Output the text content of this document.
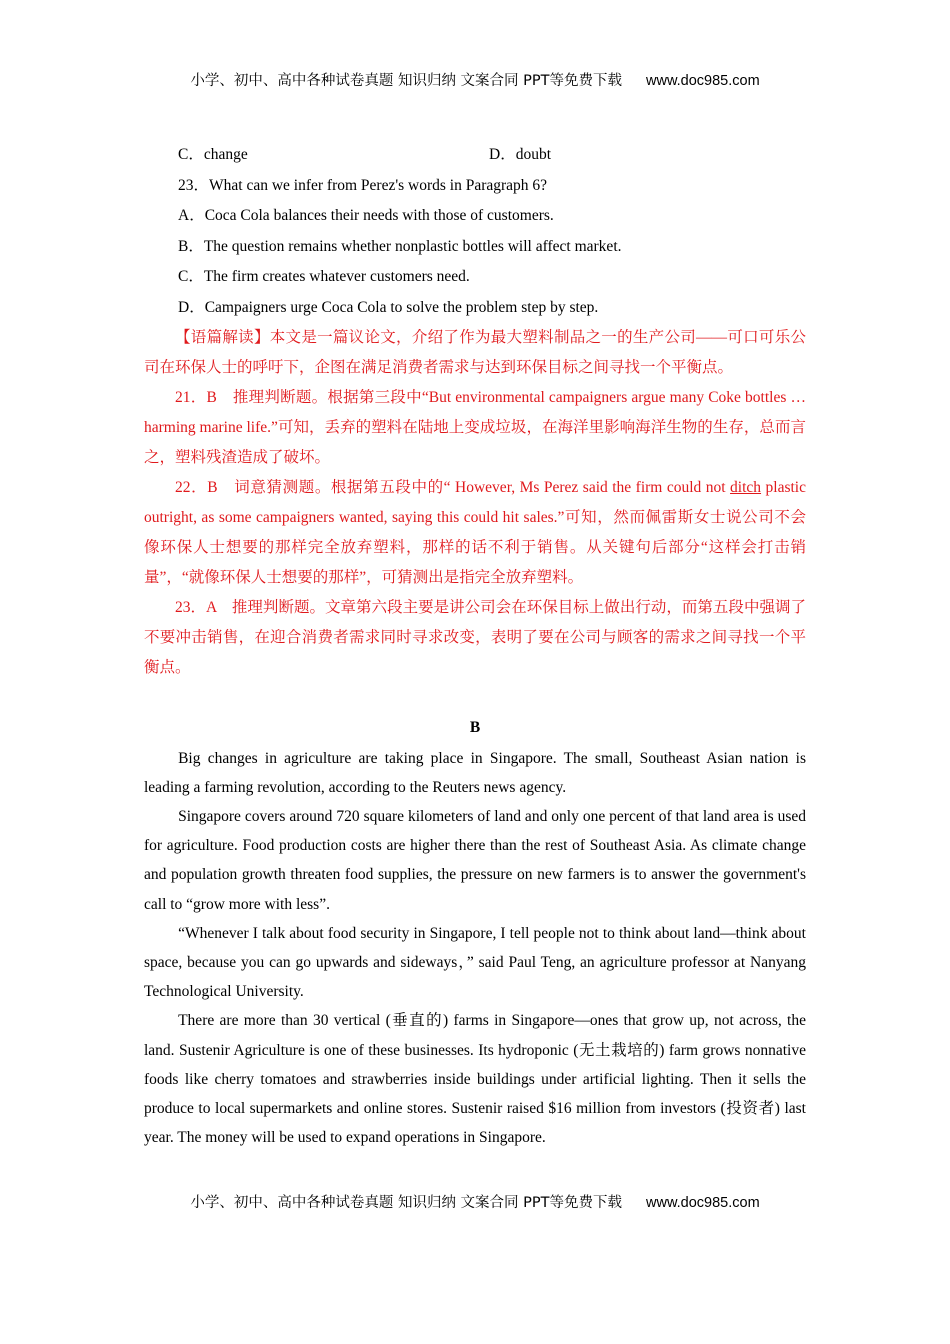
小学、初中、高中各种试卷真题 知识归纳 文案合同 PPT等免费下载 www.doc985.com
C．change	D．doubt
23．What can we infer from Perez's words in Paragraph 6?
A．Coca Cola balances their needs with those of customers.
B．The question remains whether nonplastic bottles will affect market.
C．The firm creates whatever customers need.
D．Campaigners urge Coca Cola to solve the problem step by step.

【语篇解读】本文是一篇议论文，介绍了作为最大塑料制品之一的生产公司——可口可乐公司在环保人士的呼吁下，企图在满足消费者需求与达到环保目标之间寻找一个平衡点。

21．B　推理判断题。根据第三段中“But environmental campaigners argue many Coke bottles … harming marine life.”可知，丢弃的塑料在陆地上变成垃圾，在海洋里影响海洋生物的生存，总而言之，塑料残渣造成了破坏。

22．B　词意猜测题。根据第五段中的“ However, Ms Perez said the firm could not ditch plastic outright, as some campaigners wanted, saying this could hit sales.”可知，然而佩雷斯女士说公司不会像环保人士想要的那样完全放弃塑料，那样的话不利于销售。从关键句后部分“这样会打击销量”，“就像环保人士想要的那样”，可猜测出是指完全放弃塑料。

23．A　推理判断题。文章第六段主要是讲公司会在环保目标上做出行动，而第五段中强调了不要冲击销售，在迎合消费者需求同时寻求改变，表明了要在公司与顾客的需求之间寻找一个平衡点。

B

Big changes in agriculture are taking place in Singapore. The small, Southeast Asian nation is leading a farming revolution, according to the Reuters news agency.

Singapore covers around 720 square kilometers of land and only one percent of that land area is used for agriculture. Food production costs are higher there than the rest of Southeast Asia. As climate change and population growth threaten food supplies, the pressure on new farmers is to answer the government's call to “grow more with less”.

“Whenever I talk about food security in Singapore, I tell people not to think about land—think about space, because you can go upwards and sideways，” said Paul Teng, an agriculture professor at Nanyang Technological University.

There are more than 30 vertical (垂直的) farms in Singapore—ones that grow up, not across, the land. Sustenir Agriculture is one of these businesses. Its hydroponic (无土栽培的) farm grows nonnative foods like cherry tomatoes and strawberries inside buildings under artificial lighting. Then it sells the produce to local supermarkets and online stores. Sustenir raised $16 million from investors (投资者) last year. The money will be used to expand operations in Singapore.

小学、初中、高中各种试卷真题 知识归纳 文案合同 PPT等免费下载 www.doc985.com
